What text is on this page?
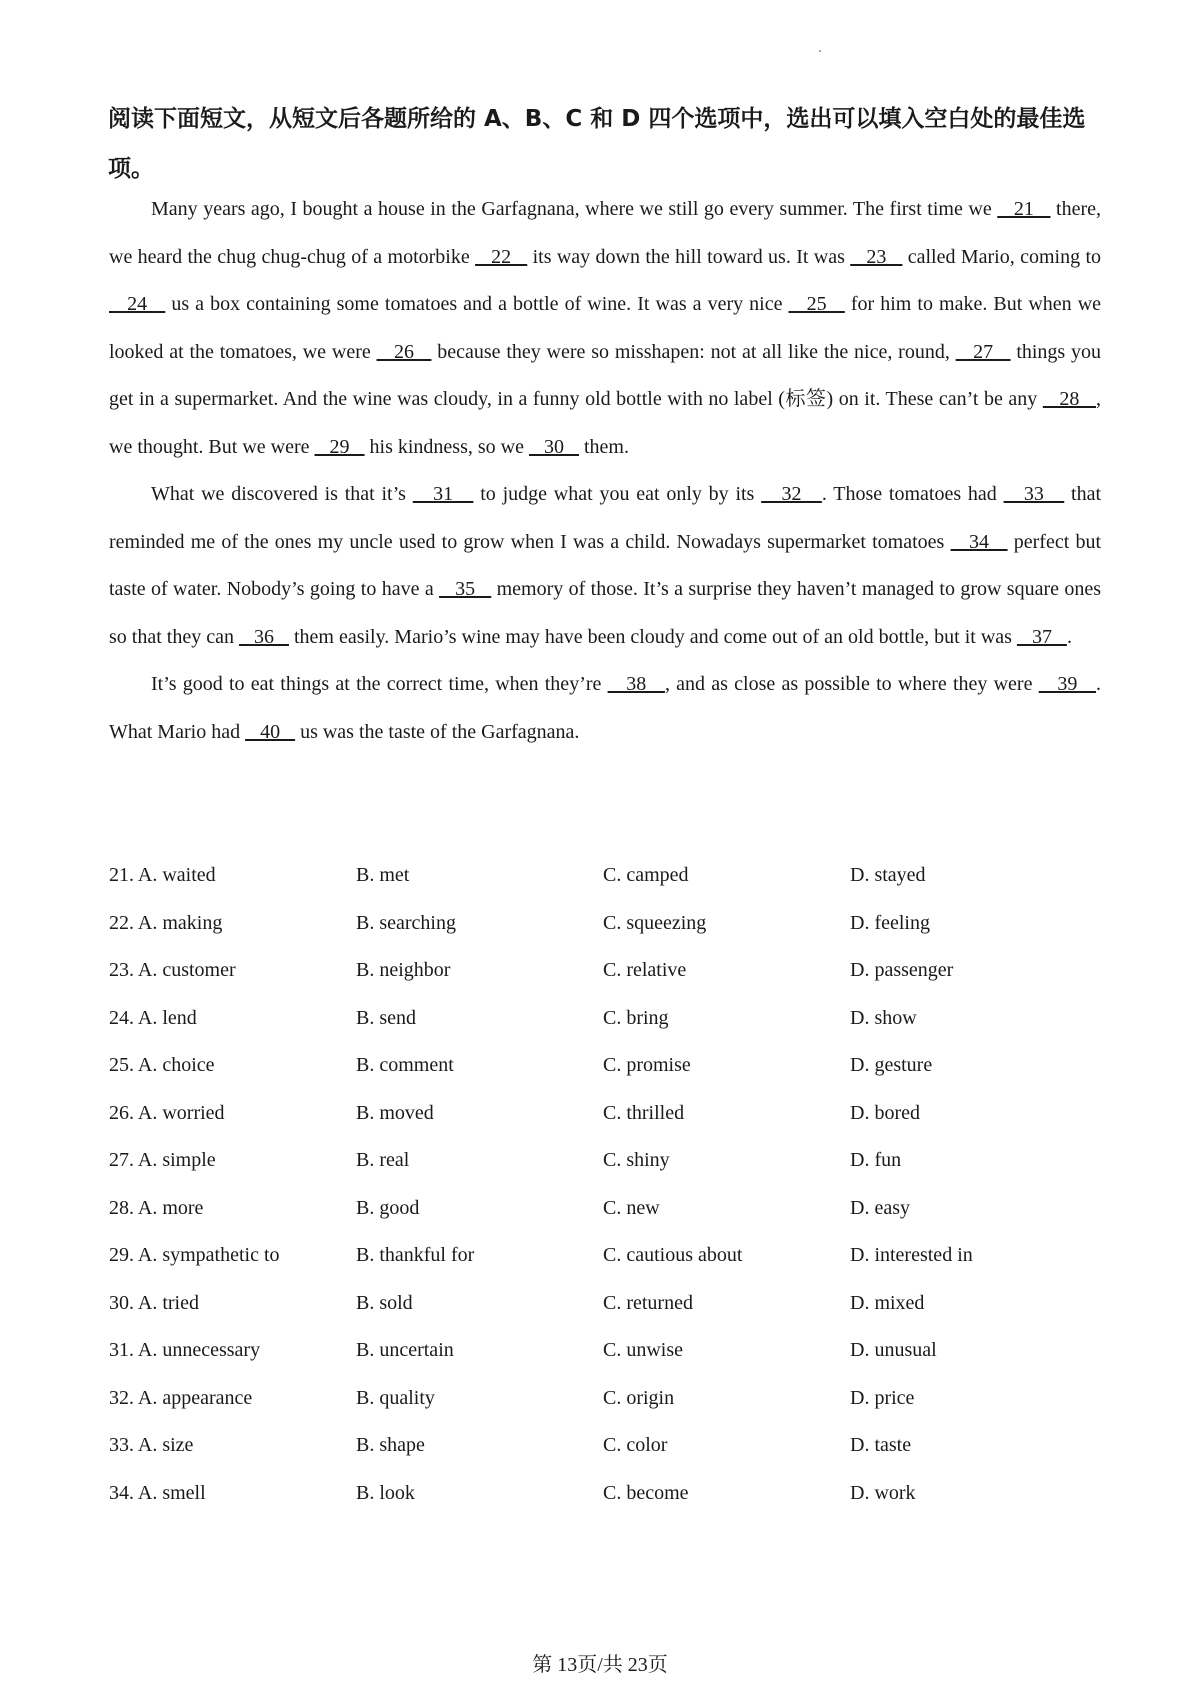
阅读下面短文，从短文后各题所给的 A、B、C 和 D 四个选项中，选出可以填入空白处的最佳选项。

Many years ago, I bought a house in the Garfagnana, where we still go every summer. The first time we    21    there, we heard the chug chug-chug of a motorbike    22    its way down the hill toward us. It was    23    called Mario, coming to    24    us a box containing some tomatoes and a bottle of wine. It was a very nice    25    for him to make. But when we looked at the tomatoes, we were    26    because they were so misshapen: not at all like the nice, round,    27    things you get in a supermarket. And the wine was cloudy, in a funny old bottle with no label (标签) on it. These can’t be any    28   , we thought. But we were    29    his kindness, so we    30    them.

What we discovered is that it’s    31    to judge what you eat only by its    32   . Those tomatoes had    33    that reminded me of the ones my uncle used to grow when I was a child. Nowadays supermarket tomatoes    34    perfect but taste of water. Nobody’s going to have a    35    memory of those. It’s a surprise they haven’t managed to grow square ones so that they can    36    them easily. Mario’s wine may have been cloudy and come out of an old bottle, but it was    37   .

It’s good to eat things at the correct time, when they’re    38   , and as close as possible to where they were    39   . What Mario had    40    us was the taste of the Garfagnana.

21. A. waited	B. met	C. camped	D. stayed
22. A. making	B. searching	C. squeezing	D. feeling
23. A. customer	B. neighbor	C. relative	D. passenger
24. A. lend	B. send	C. bring	D. show
25. A. choice	B. comment	C. promise	D. gesture
26. A. worried	B. moved	C. thrilled	D. bored
27. A. simple	B. real	C. shiny	D. fun
28. A. more	B. good	C. new	D. easy
29. A. sympathetic to	B. thankful for	C. cautious about	D. interested in
30. A. tried	B. sold	C. returned	D. mixed
31. A. unnecessary	B. uncertain	C. unwise	D. unusual
32. A. appearance	B. quality	C. origin	D. price
33. A. size	B. shape	C. color	D. taste
34. A. smell	B. look	C. become	D. work
第 13页/共 23页
